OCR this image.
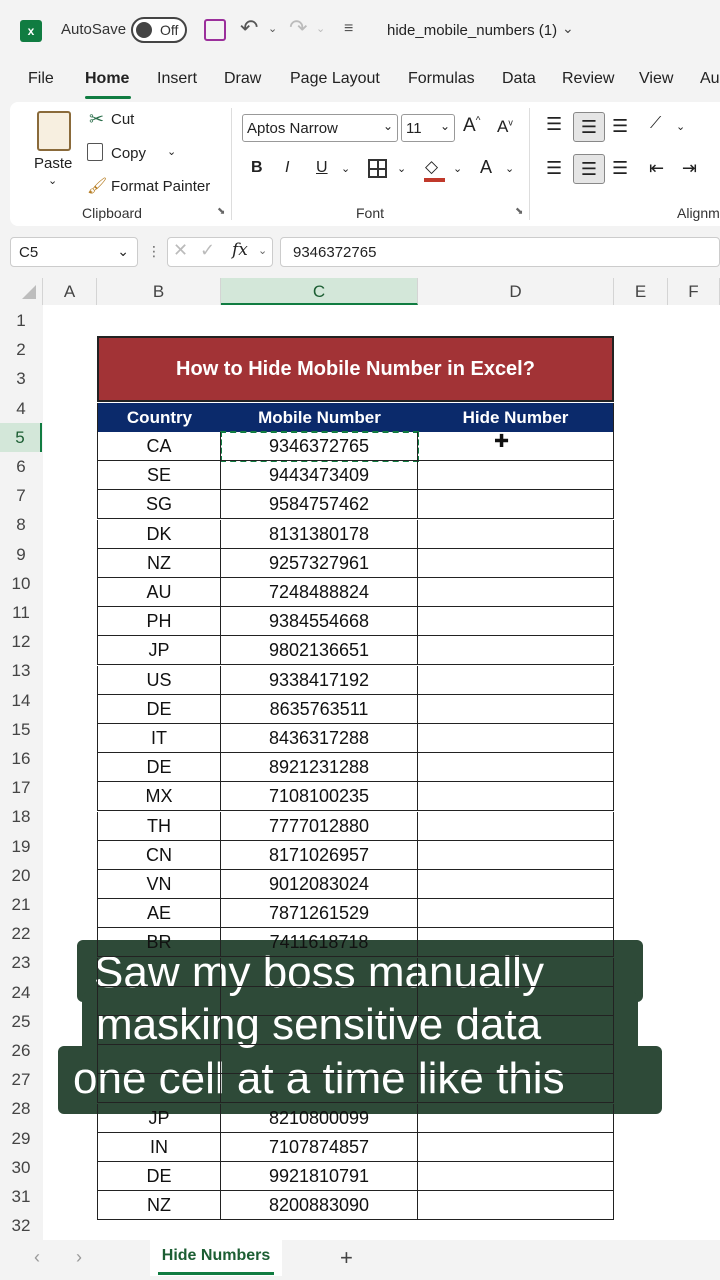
x	AutoSave Off	↶ ⌄ ↷ ⌄ ≡ hide_mobile_numbers (1) ⌄
Paste
⌄
✂ Cut
Copy ⌄
🖌 Format Painter
Clipboard	⬊
Aptos Narrow	⌄ 11 ⌄ A^ $A^v$
B I U ⌄	⌄ ◇ ⌄ A ⌄
Font	⬊
☰	☰ ☰ ⟋ ⌄
☰	☰ ☰ ⇤ ⇥
Alignm
C5	⌄ ⋮ ✕ ✓ fx ⌄	9346372765
How to Hide Mobile Number in Excel?
Country	Mobile Number	Hide Number
✚
Saw my boss manually
masking sensitive data
one cell at a time like this
‹ ›	Hide Numbers	+
File Home Insert Draw Page Layout Formulas Data Review View Au
A	B	C	D	E	F
1
2
3
4
5
6
7
8
9
10
11
12
13
14
15
16
17
18
19
20
21
22
23
24
25
26
27
28
29
30
31
32
CA	9346372765
SE	9443473409
SG	9584757462
DK	8131380178
NZ	9257327961
AU	7248488824
PH	9384554668
JP	9802136651
US	9338417192
DE	8635763511
IT	8436317288
DE	8921231288
MX	7108100235
TH	7777012880
CN	8171026957
VN	9012083024
AE	7871261529
BR	7411618718
JP	8210800099
IN	7107874857
DE	9921810791
NZ	8200883090
